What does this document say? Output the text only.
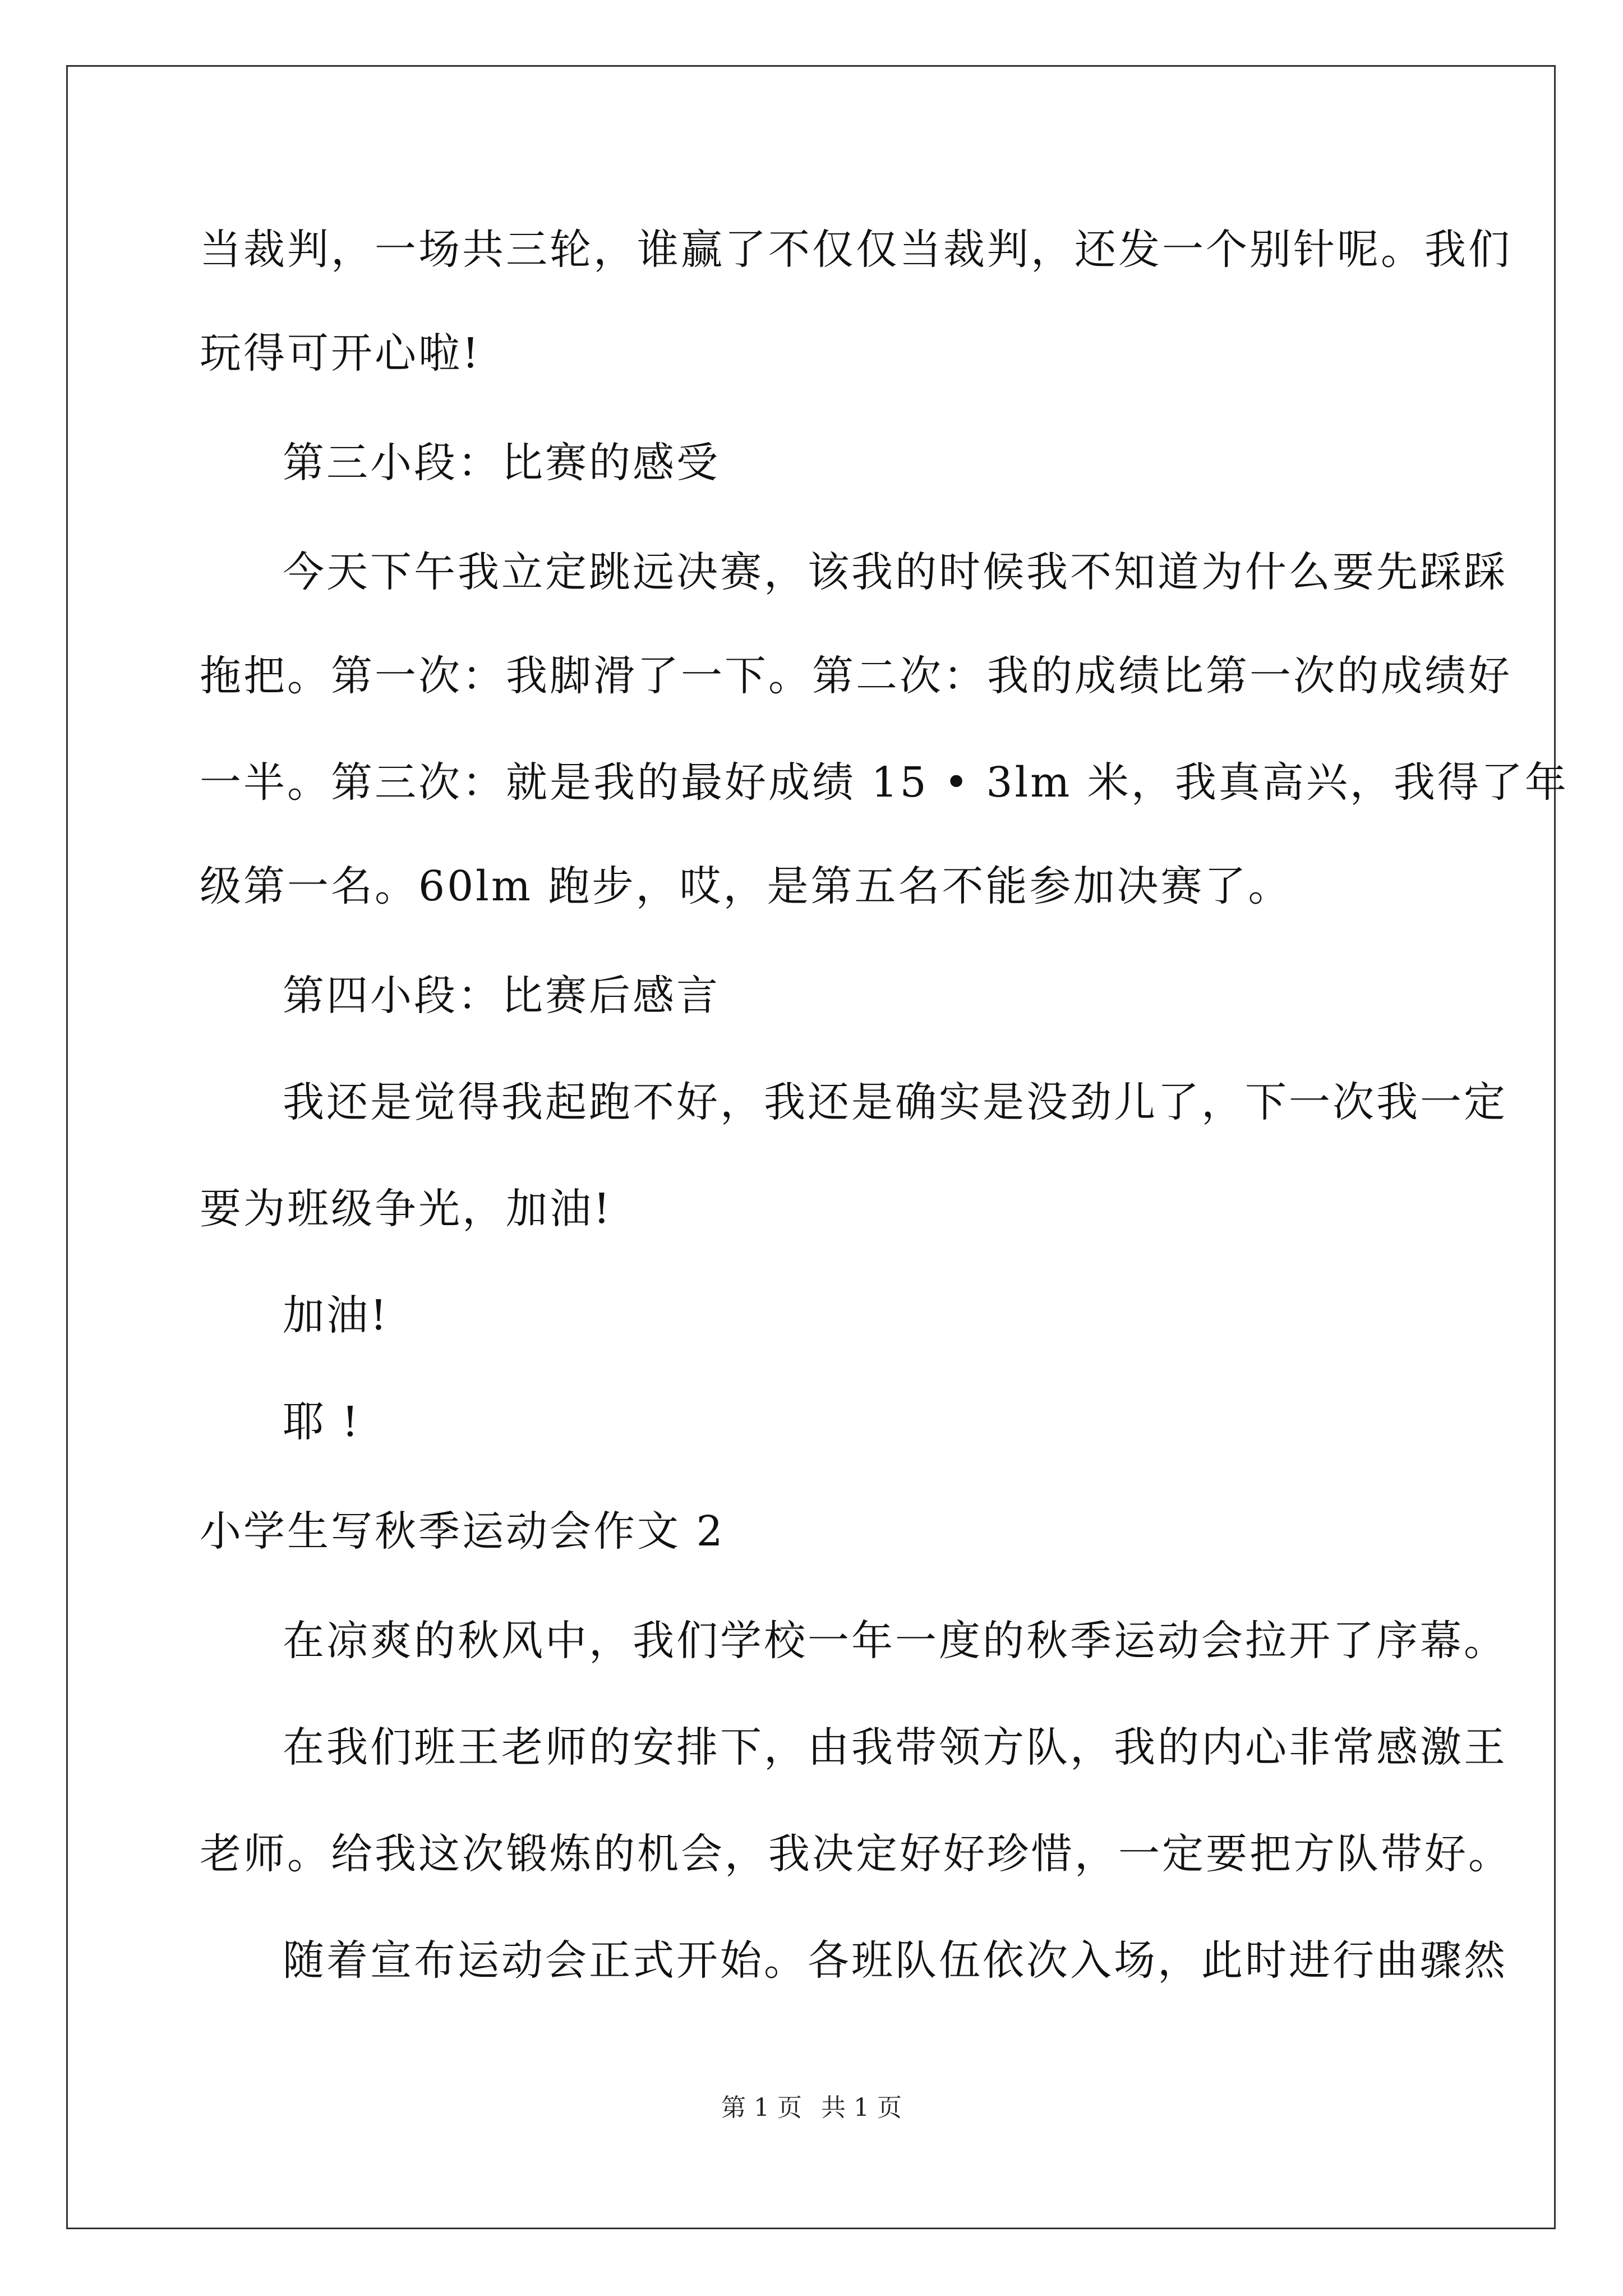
当裁判，一场共三轮，谁赢了不仅仅当裁判，还发一个别针呢。我们
玩得可开心啦!
第三小段：比赛的感受
今天下午我立定跳远决赛，该我的时候我不知道为什么要先踩踩
拖把。第一次：我脚滑了一下。第二次：我的成绩比第一次的成绩好
一半。第三次：就是我的最好成绩 15 • 3lm 米，我真高兴，我得了年
级第一名。60lm 跑步，哎，是第五名不能参加决赛了。
第四小段：比赛后感言
我还是觉得我起跑不好，我还是确实是没劲儿了，下一次我一定
要为班级争光，加油!
加油!
耶 !
小学生写秋季运动会作文 2
在凉爽的秋风中，我们学校一年一度的秋季运动会拉开了序幕。
在我们班王老师的安排下，由我带领方队，我的内心非常感激王
老师。给我这次锻炼的机会，我决定好好珍惜，一定要把方队带好。
随着宣布运动会正式开始。各班队伍依次入场，此时进行曲骤然
第 1 页 共 1 页
